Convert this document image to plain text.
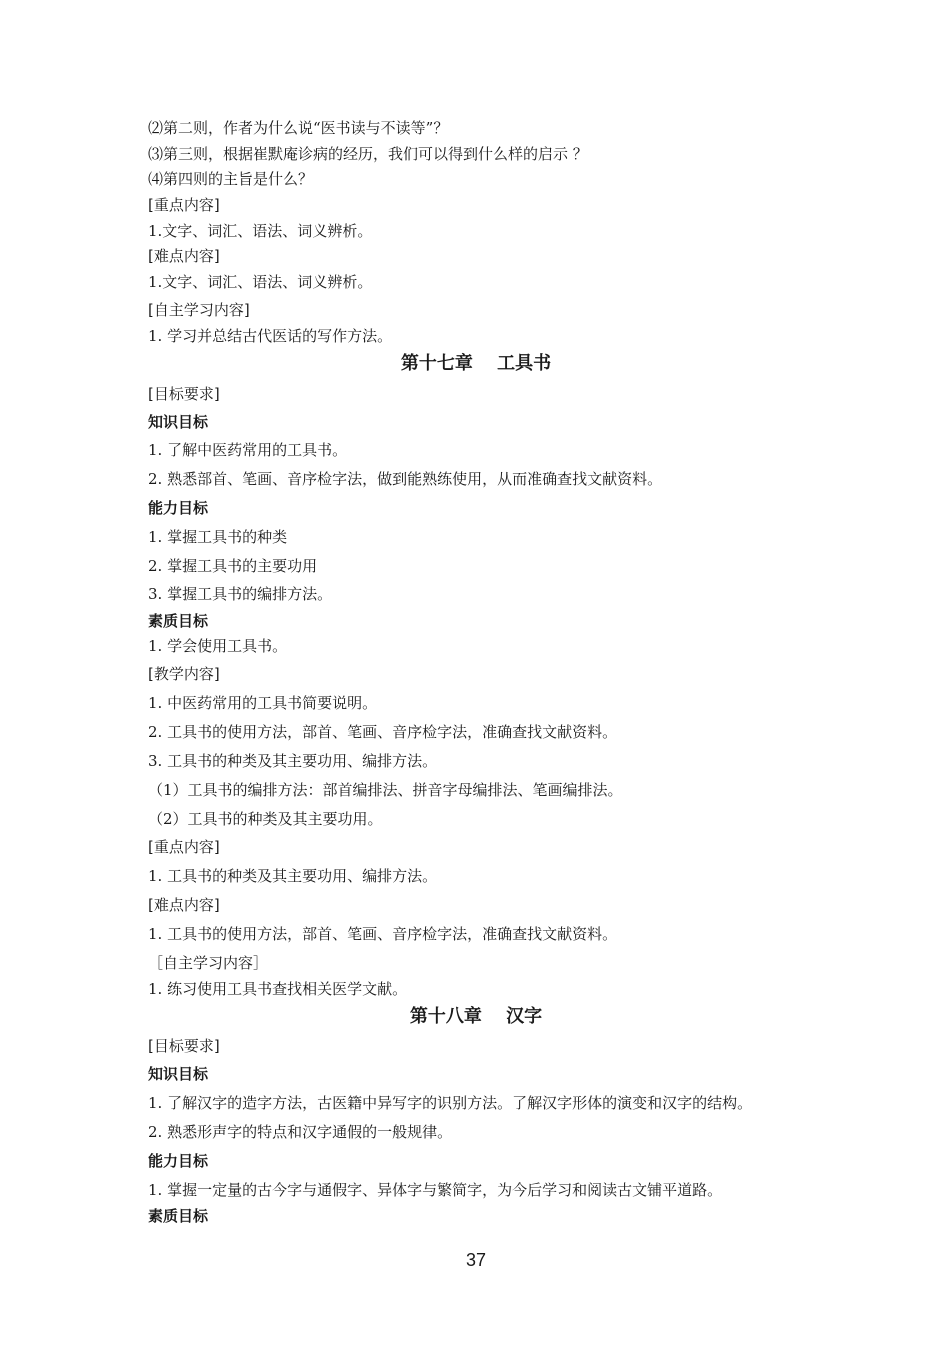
⑵第二则，作者为什么说“医书读与不读等”？
⑶第三则，根据崔默庵诊病的经历，我们可以得到什么样的启示 ？
⑷第四则的主旨是什么？
[重点内容]
1.文字、词汇、语法、词义辨析。
[难点内容]
1.文字、词汇、语法、词义辨析。
[自主学习内容]
1. 学习并总结古代医话的写作方法。
第十七章 工具书
[目标要求]
知识目标
1. 了解中医药常用的工具书。
2. 熟悉部首、笔画、音序检字法，做到能熟练使用，从而准确查找文献资料。
能力目标
1. 掌握工具书的种类
2. 掌握工具书的主要功用
3. 掌握工具书的编排方法。
素质目标
1. 学会使用工具书。
[教学内容]
1. 中医药常用的工具书简要说明。
2. 工具书的使用方法，部首、笔画、音序检字法，准确查找文献资料。
3. 工具书的种类及其主要功用、编排方法。
（1）工具书的编排方法：部首编排法、拼音字母编排法、笔画编排法。
（2）工具书的种类及其主要功用。
[重点内容]
1. 工具书的种类及其主要功用、编排方法。
[难点内容]
1. 工具书的使用方法，部首、笔画、音序检字法，准确查找文献资料。
［自主学习内容］
1. 练习使用工具书查找相关医学文献。
第十八章 汉字
[目标要求]
知识目标
1. 了解汉字的造字方法，古医籍中异写字的识别方法。了解汉字形体的演变和汉字的结构。
2. 熟悉形声字的特点和汉字通假的一般规律。
能力目标
1. 掌握一定量的古今字与通假字、异体字与繁简字，为今后学习和阅读古文铺平道路。
素质目标
37
